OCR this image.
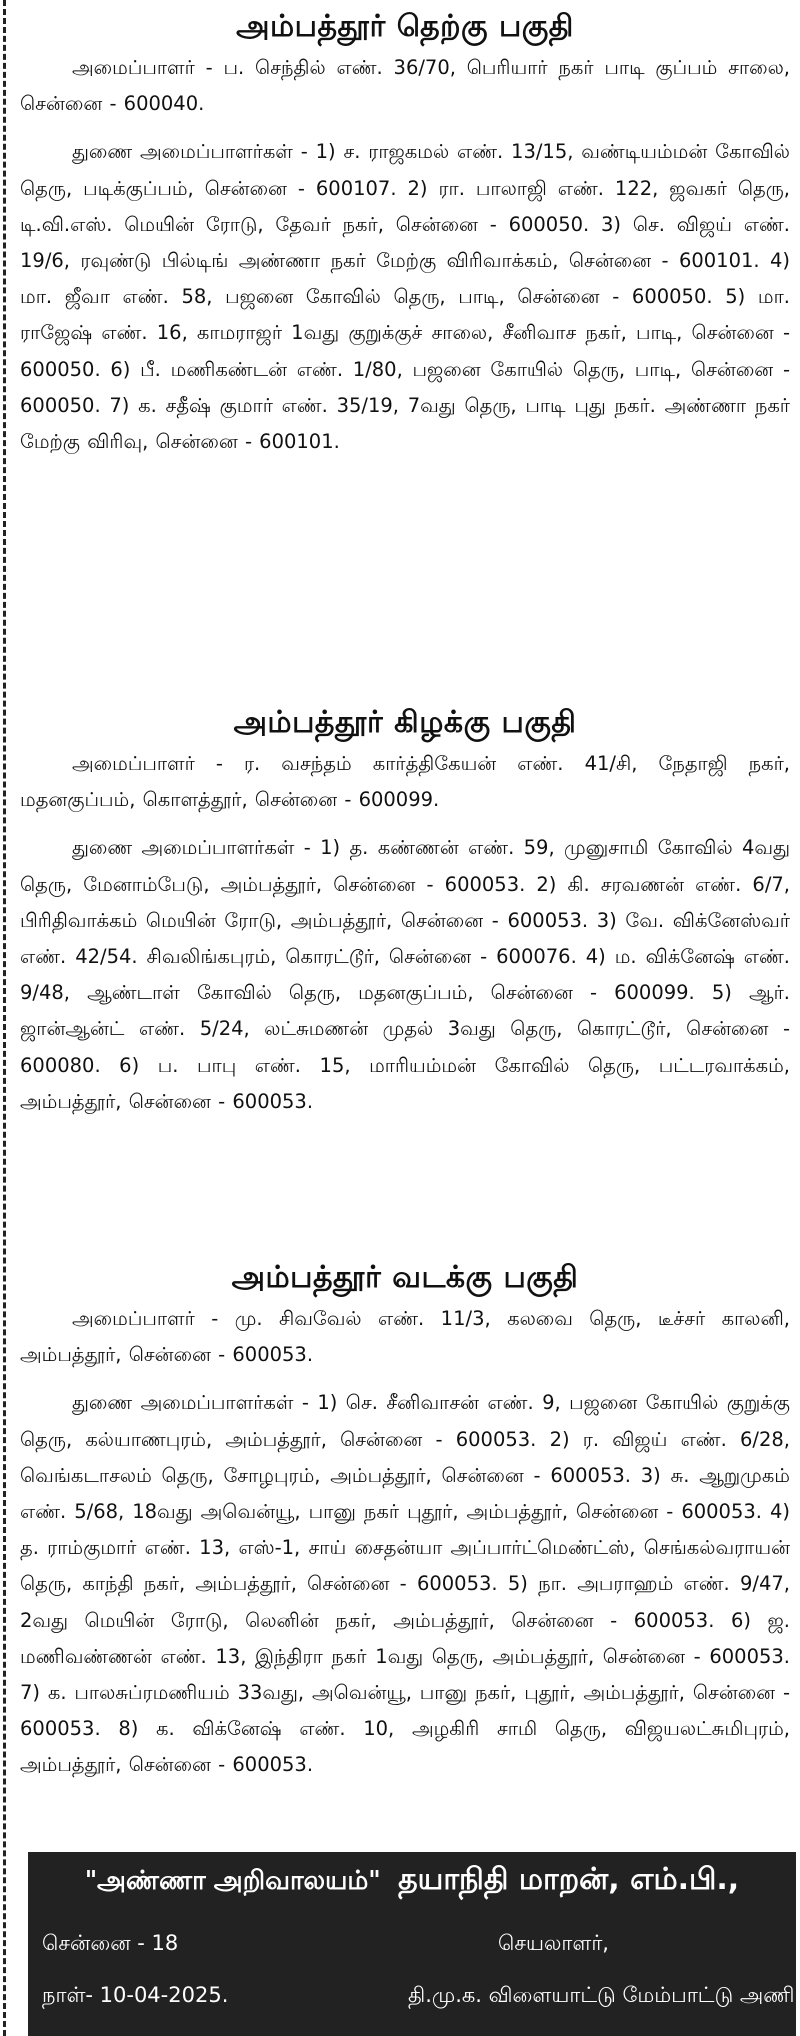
அம்பத்தூர் தெற்கு பகுதி

அமைப்பாளர் - ப. செந்தில் எண். 36/70, பெரியார் நகர் பாடி குப்பம் சாலை, சென்னை - 600040.

துணை அமைப்பாளர்கள் - 1) ச. ராஜகமல் எண். 13/15, வண்டியம்மன் கோவில் தெரு, படிக்குப்பம், சென்னை - 600107. 2) ரா. பாலாஜி எண். 122, ஜவகர் தெரு, டி.வி.எஸ். மெயின் ரோடு, தேவர் நகர், சென்னை - 600050. 3) செ. விஜய் எண். 19/6, ரவுண்டு பில்டிங் அண்ணா நகர் மேற்கு விரிவாக்கம், சென்னை - 600101. 4) மா. ஜீவா எண். 58, பஜனை கோவில் தெரு, பாடி, சென்னை - 600050. 5) மா. ராஜேஷ் எண். 16, காமராஜர் 1வது குறுக்குச் சாலை, சீனிவாச நகர், பாடி, சென்னை - 600050. 6) பீ. மணிகண்டன் எண். 1/80, பஜனை கோயில் தெரு, பாடி, சென்னை - 600050. 7) க. சதீஷ் குமார் எண். 35/19, 7வது தெரு, பாடி புது நகர். அண்ணா நகர் மேற்கு விரிவு, சென்னை - 600101.

அம்பத்தூர் கிழக்கு பகுதி

அமைப்பாளர் - ர. வசந்தம் கார்த்திகேயன் எண். 41/சி, நேதாஜி நகர், மதனகுப்பம், கொளத்தூர், சென்னை - 600099.

துணை அமைப்பாளர்கள் - 1) த. கண்ணன் எண். 59, முனுசாமி கோவில் 4வது தெரு, மேனாம்பேடு, அம்பத்தூர், சென்னை - 600053. 2) கி. சரவணன் எண். 6/7, பிரிதிவாக்கம் மெயின் ரோடு, அம்பத்தூர், சென்னை - 600053. 3) வே. விக்னேஸ்வர் எண். 42/54. சிவலிங்கபுரம், கொரட்டூர், சென்னை - 600076. 4) ம. விக்னேஷ் எண். 9/48, ஆண்டாள் கோவில் தெரு, மதனகுப்பம், சென்னை - 600099. 5) ஆர். ஜான்ஆன்ட் எண். 5/24, லட்சுமணன் முதல் 3வது தெரு, கொரட்டூர், சென்னை - 600080. 6) ப. பாபு எண். 15, மாரியம்மன் கோவில் தெரு, பட்டரவாக்கம், அம்பத்தூர், சென்னை - 600053.

அம்பத்தூர் வடக்கு பகுதி

அமைப்பாளர் - மு. சிவவேல் எண். 11/3, கலவை தெரு, டீச்சர் காலனி, அம்பத்தூர், சென்னை - 600053.

துணை அமைப்பாளர்கள் - 1) செ. சீனிவாசன் எண். 9, பஜனை கோயில் குறுக்கு தெரு, கல்யாணபுரம், அம்பத்தூர், சென்னை - 600053. 2) ர. விஜய் எண். 6/28, வெங்கடாசலம் தெரு, சோழபுரம், அம்பத்தூர், சென்னை - 600053. 3) சு. ஆறுமுகம் எண். 5/68, 18வது அவென்யூ, பானு நகர் புதூர், அம்பத்தூர், சென்னை - 600053. 4) த. ராம்குமார் எண். 13, எஸ்-1, சாய் சைதன்யா அப்பார்ட்மெண்ட்ஸ், செங்கல்வராயன் தெரு, காந்தி நகர், அம்பத்தூர், சென்னை - 600053. 5) நா. அபராஹம் எண். 9/47, 2வது மெயின் ரோடு, லெனின் நகர், அம்பத்தூர், சென்னை - 600053. 6) ஜ. மணிவண்ணன் எண். 13, இந்திரா நகர் 1வது தெரு, அம்பத்தூர், சென்னை - 600053. 7) க. பாலசுப்ரமணியம் 33வது, அவென்யூ, பானு நகர், புதூர், அம்பத்தூர், சென்னை - 600053. 8) க. விக்னேஷ் எண். 10, அழகிரி சாமி தெரு, விஜயலட்சுமிபுரம், அம்பத்தூர், சென்னை - 600053.

"அண்ணா அறிவாலயம்" தயாநிதி மாறன், எம்.பி.,
சென்னை - 18
நாள்- 10-04-2025.
செயலாளர்,
தி.மு.க. விளையாட்டு மேம்பாட்டு அணி
